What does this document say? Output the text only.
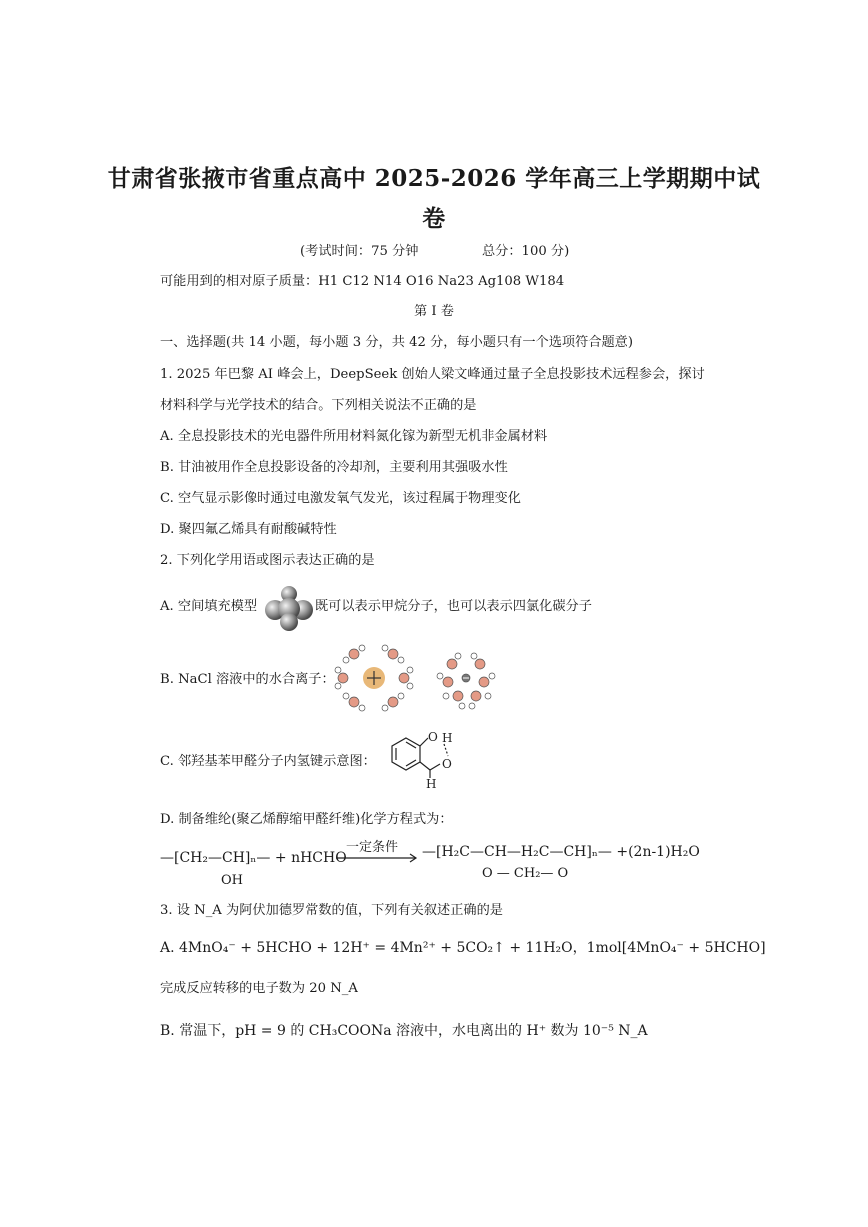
甘肃省张掖市省重点高中 2025-2026 学年高三上学期期中试
卷
(考试时间：75 分钟	总分：100 分)
可能用到的相对原子质量：H1 C12 N14 O16 Na23 Ag108 W184
第 I 卷
一、选择题(共 14 小题，每小题 3 分，共 42 分，每小题只有一个选项符合题意)
1. 2025 年巴黎 AI 峰会上，DeepSeek 创始人梁文峰通过量子全息投影技术远程参会，探讨
材料科学与光学技术的结合。下列相关说法不正确的是
A. 全息投影技术的光电器件所用材料氮化镓为新型无机非金属材料
B. 甘油被用作全息投影设备的冷却剂，主要利用其强吸水性
C. 空气显示影像时通过电激发氧气发光，该过程属于物理变化
D. 聚四氟乙烯具有耐酸碱特性
2. 下列化学用语或图示表达正确的是
A. 空间填充模型	既可以表示甲烷分子，也可以表示四氯化碳分子
B. NaCl 溶液中的水合离子：
C. 邻羟基苯甲醛分子内氢键示意图：
O H
O
H
D. 制备维纶(聚乙烯醇缩甲醛纤维)化学方程式为：
—[CH₂—CH]ₙ— + nHCHO
OH
一定条件 —[H₂C—CH—H₂C—CH]ₙ— +(2n-1)H₂O
O — CH₂— O
3. 设 N_A 为阿伏加德罗常数的值，下列有关叙述正确的是
A. 4MnO₄⁻ + 5HCHO + 12H⁺ = 4Mn²⁺ + 5CO₂↑ + 11H₂O，1mol[4MnO₄⁻ + 5HCHO]
完成反应转移的电子数为 20 N_A
B. 常温下，pH = 9 的 CH₃COONa 溶液中，水电离出的 H⁺ 数为 10⁻⁵ N_A
